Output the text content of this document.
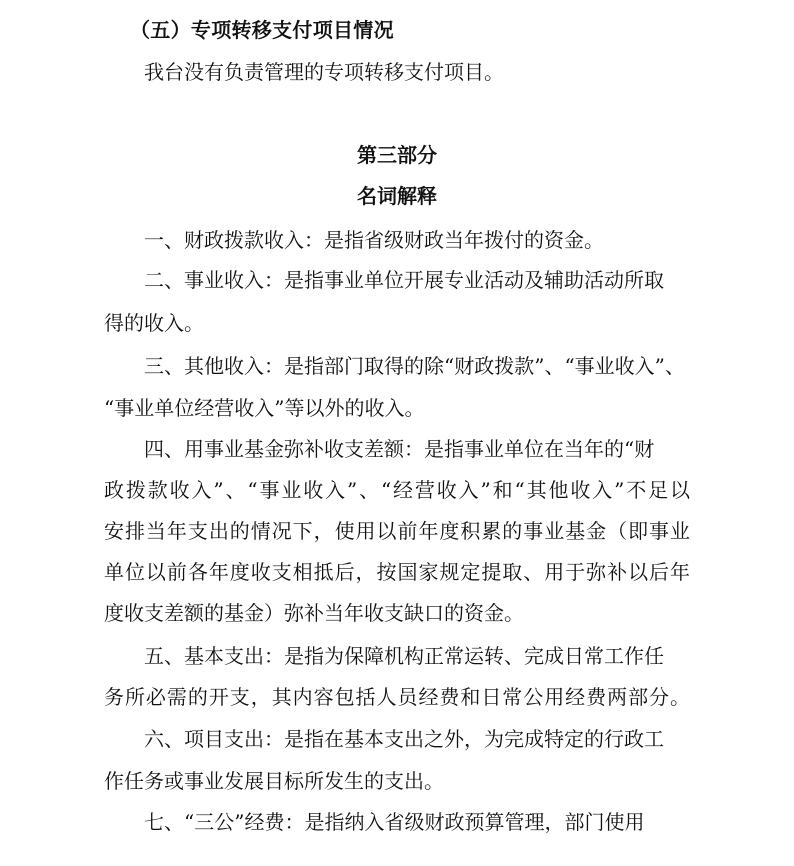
（五）专项转移支付项目情况

我台没有负责管理的专项转移支付项目。

第三部分

名词解释

一、财政拨款收入：是指省级财政当年拨付的资金。

二、事业收入：是指事业单位开展专业活动及辅助活动所取

得的收入。

三、其他收入：是指部门取得的除“财政拨款”、“事业收入”、

“事业单位经营收入”等以外的收入。

四、用事业基金弥补收支差额：是指事业单位在当年的“财

政拨款收入”、“事业收入”、“经营收入”和“其他收入”不足以

安排当年支出的情况下，使用以前年度积累的事业基金（即事业

单位以前各年度收支相抵后，按国家规定提取、用于弥补以后年

度收支差额的基金）弥补当年收支缺口的资金。

五、基本支出：是指为保障机构正常运转、完成日常工作任

务所必需的开支，其内容包括人员经费和日常公用经费两部分。

六、项目支出：是指在基本支出之外，为完成特定的行政工

作任务或事业发展目标所发生的支出。

七、“三公”经费：是指纳入省级财政预算管理，部门使用
